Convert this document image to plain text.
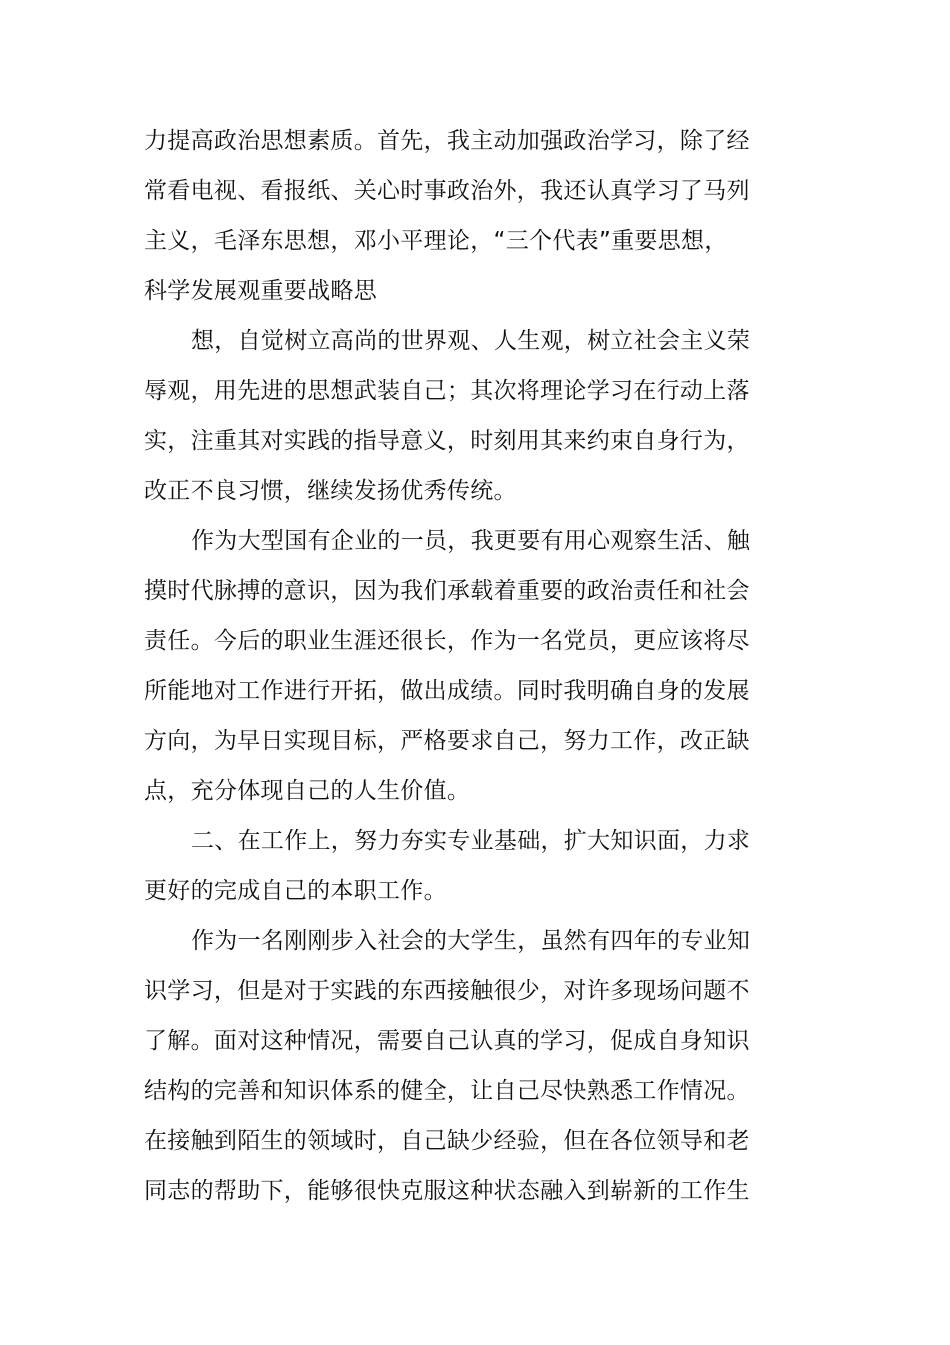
力提高政治思想素质。首先，我主动加强政治学习，除了经

常看电视、看报纸、关心时事政治外，我还认真学习了马列

主义，毛泽东思想，邓小平理论，“三个代表”重要思想，

科学发展观重要战略思

想，自觉树立高尚的世界观、人生观，树立社会主义荣

辱观，用先进的思想武装自己；其次将理论学习在行动上落

实，注重其对实践的指导意义，时刻用其来约束自身行为，

改正不良习惯，继续发扬优秀传统。

作为大型国有企业的一员，我更要有用心观察生活、触

摸时代脉搏的意识，因为我们承载着重要的政治责任和社会

责任。今后的职业生涯还很长，作为一名党员，更应该将尽

所能地对工作进行开拓，做出成绩。同时我明确自身的发展

方向，为早日实现目标，严格要求自己，努力工作，改正缺

点，充分体现自己的人生价值。

二、在工作上，努力夯实专业基础，扩大知识面，力求

更好的完成自己的本职工作。

作为一名刚刚步入社会的大学生，虽然有四年的专业知

识学习，但是对于实践的东西接触很少，对许多现场问题不

了解。面对这种情况，需要自己认真的学习，促成自身知识

结构的完善和知识体系的健全，让自己尽快熟悉工作情况。

在接触到陌生的领域时，自己缺少经验，但在各位领导和老

同志的帮助下，能够很快克服这种状态融入到崭新的工作生
